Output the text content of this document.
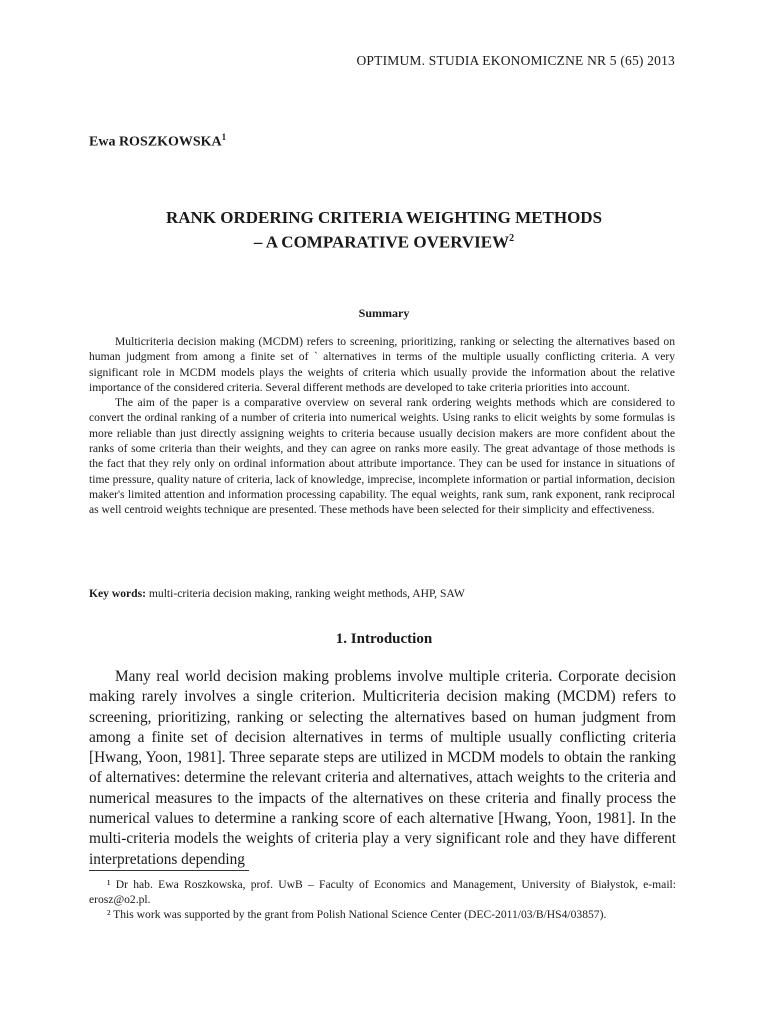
OPTIMUM. STUDIA EKONOMICZNE NR 5 (65) 2013
Ewa ROSZKOWSKA$^1$
RANK ORDERING CRITERIA WEIGHTING METHODS
– A COMPARATIVE OVERVIEW$^2$
Summary

Multicriteria decision making (MCDM) refers to screening, prioritizing, ranking or selecting the alternatives based on human judgment from among a finite set of ` alternatives in terms of the multiple usually conflicting criteria. A very significant role in MCDM models plays the weights of criteria which usually provide the information about the relative importance of the considered criteria. Several different methods are developed to take criteria priorities into account.

The aim of the paper is a comparative overview on several rank ordering weights methods which are considered to convert the ordinal ranking of a number of criteria into numerical weights. Using ranks to elicit weights by some formulas is more reliable than just directly assigning weights to criteria because usually decision makers are more confident about the ranks of some criteria than their weights, and they can agree on ranks more easily. The great advantage of those methods is the fact that they rely only on ordinal information about attribute importance. They can be used for instance in situations of time pressure, quality nature of criteria, lack of knowledge, imprecise, incomplete information or partial information, decision maker's limited attention and information processing capability. The equal weights, rank sum, rank exponent, rank reciprocal as well centroid weights technique are presented. These methods have been selected for their simplicity and effectiveness.

Key words: multi-criteria decision making, ranking weight methods, AHP, SAW
1. Introduction

Many real world decision making problems involve multiple criteria. Corporate decision making rarely involves a single criterion. Multicriteria decision making (MCDM) refers to screening, prioritizing, ranking or selecting the alternatives based on human judgment from among a finite set of decision alternatives in terms of multiple usually conflicting criteria [Hwang, Yoon, 1981]. Three separate steps are utilized in MCDM models to obtain the ranking of alternatives: determine the relevant criteria and alternatives, attach weights to the criteria and numerical measures to the impacts of the alternatives on these criteria and finally process the numerical values to determine a ranking score of each alternative [Hwang, Yoon, 1981]. In the multi-criteria models the weights of criteria play a very significant role and they have different interpretations depending

¹ Dr hab. Ewa Roszkowska, prof. UwB – Faculty of Economics and Management, University of Białystok, e-mail: erosz@o2.pl.

² This work was supported by the grant from Polish National Science Center (DEC-2011/03/B/HS4/03857).
